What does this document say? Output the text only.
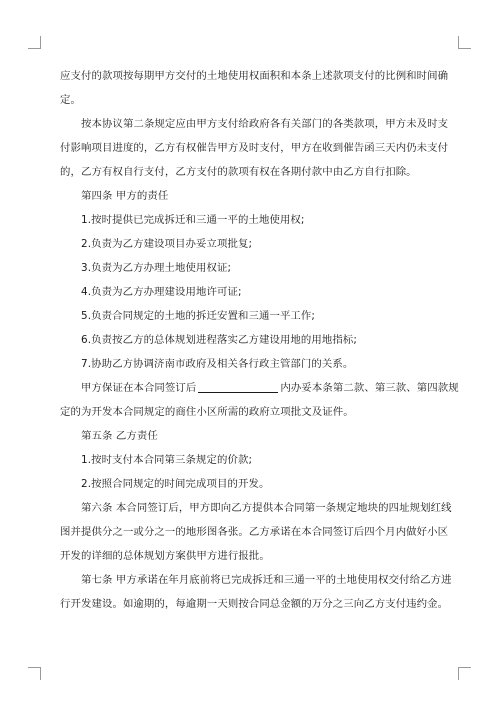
应支付的款项按每期甲方交付的土地使用权面积和本条上述款项支付的比例和时间确
定。
按本协议第二条规定应由甲方支付给政府各有关部门的各类款项，甲方未及时支
付影响项目进度的，乙方有权催告甲方及时支付，甲方在收到催告函三天内仍未支付
的，乙方有权自行支付，乙方支付的款项有权在各期付款中由乙方自行扣除。
第四条 甲方的责任
1.按时提供已完成拆迁和三通一平的土地使用权;
2.负责为乙方建设项目办妥立项批复;
3.负责为乙方办理土地使用权证;
4.负责为乙方办理建设用地许可证;
5.负责合同规定的土地的拆迁安置和三通一平工作;
6.负责按乙方的总体规划进程落实乙方建设用地的用地指标;
7.协助乙方协调济南市政府及相关各行政主管部门的关系。
甲方保证在本合同签订后	内办妥本条第二款、第三款、第四款规
定的为开发本合同规定的商住小区所需的政府立项批文及证件。
第五条 乙方责任
1.按时支付本合同第三条规定的价款;
2.按照合同规定的时间完成项目的开发。
第六条 本合同签订后，甲方即向乙方提供本合同第一条规定地块的四址规划红线
图并提供分之一或分之一的地形图各张。乙方承诺在本合同签订后四个月内做好小区
开发的详细的总体规划方案供甲方进行报批。
第七条 甲方承诺在年月底前将已完成拆迁和三通一平的土地使用权交付给乙方进
行开发建设。如逾期的，每逾期一天则按合同总金额的万分之三向乙方支付违约金。
